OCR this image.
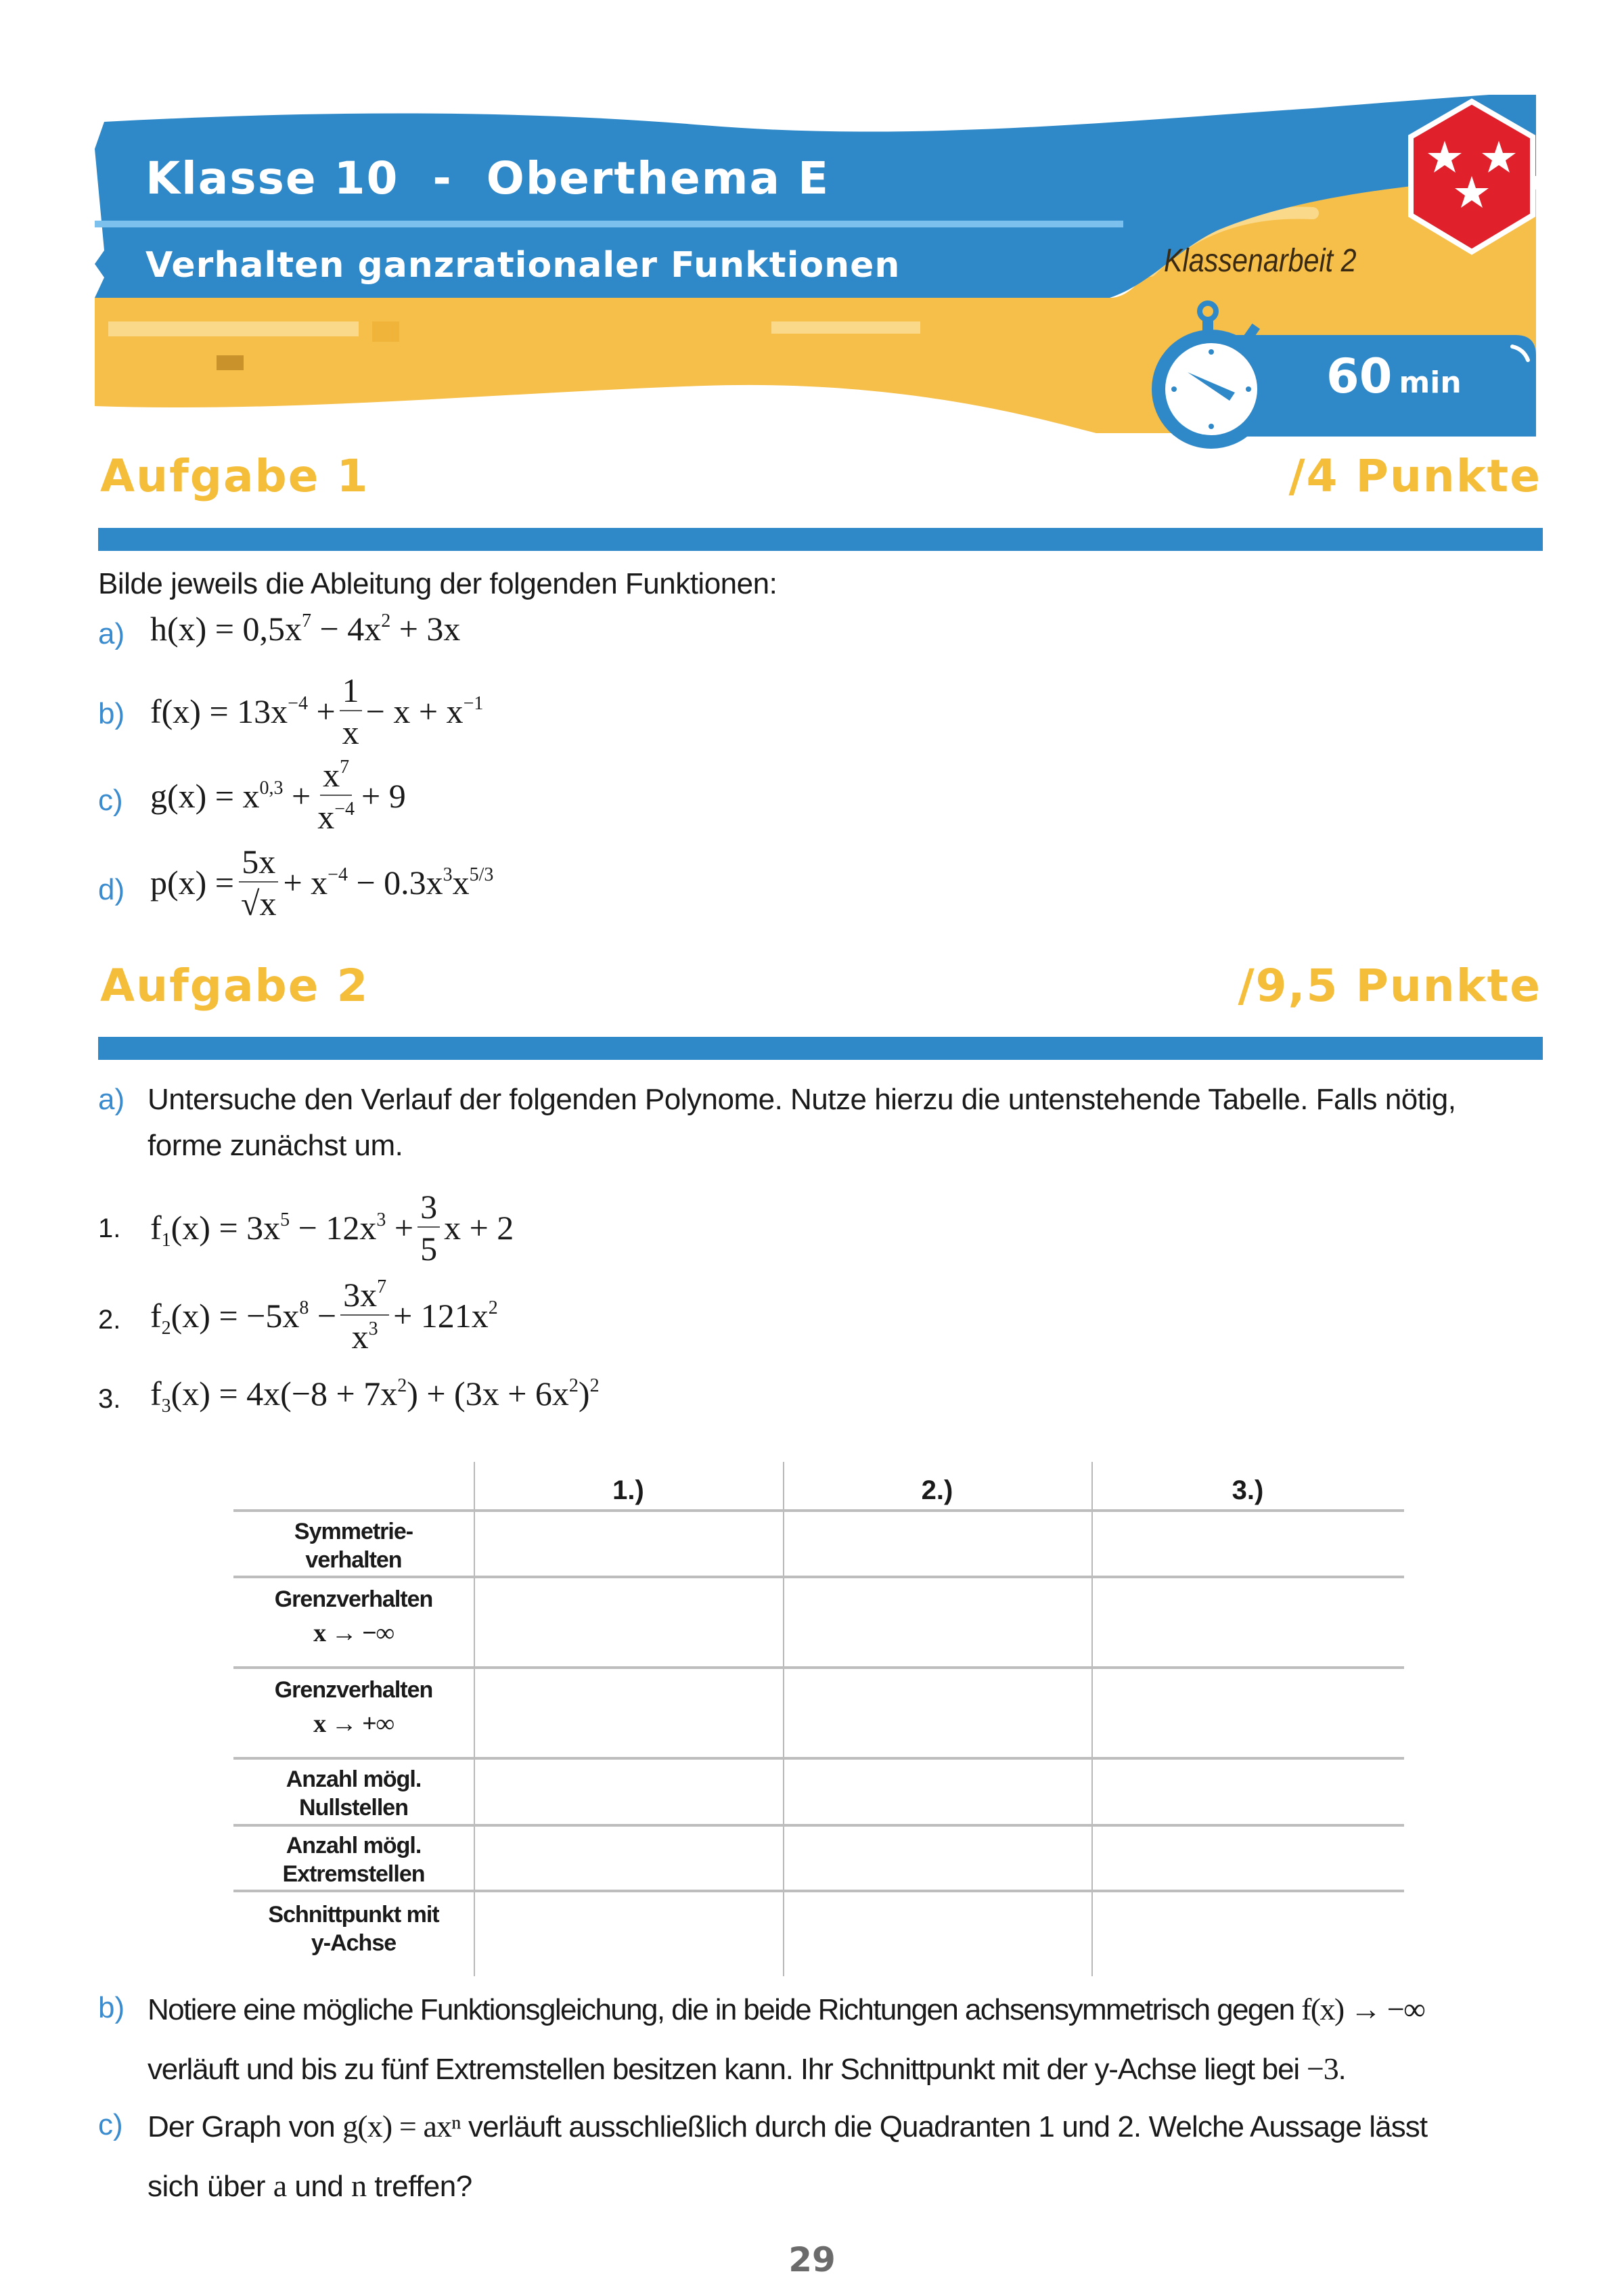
Klasse 10  -  Oberthema E
Verhalten ganzrationaler Funktionen	Klassenarbeit 2
60 min
Aufgabe 1	/4 Punkte
Bilde jeweils die Ableitung der folgenden Funktionen:
a) $h(x) = 0,5x^7 - 4x^2 + 3x$
b) $f(x) = 13x^{-4} + \frac{1}{x} - x + x^{-1}$
c) $g(x) = x^{0,3} + \frac{x^7}{x^{-4}} + 9$
d) $p(x) = \frac{5x}{√x} + x^{-4} - 0.3x^3x^{5/3}$
Aufgabe 2	/9,5 Punkte
a) Untersuche den Verlauf der folgenden Polynome. Nutze hierzu die untenstehende Tabelle. Falls nötig,
forme zunächst um.
1. $f_1(x) = 3x^5 - 12x^3 + \frac{3}{5}$ x + 2
2. $f_2(x) = -5x^8 - \frac{3x^7}{x^3} + 121x^2$
3. $f_3(x) = 4x(-8 + 7x^2) + (3x + 6x^2)^2$
1.)	2.)	3.)
Symmetrie-
verhalten
Grenzverhalten
x → −∞
Grenzverhalten
x → +∞
Anzahl mögl.
Nullstellen
Anzahl mögl.
Extremstellen
Schnittpunkt mit
y-Achse
b) Notiere eine mögliche Funktionsgleichung, die in beide Richtungen achsensymmetrisch gegen f(x) → −∞
verläuft und bis zu fünf Extremstellen besitzen kann. Ihr Schnittpunkt mit der y-Achse liegt bei −3.
c) Der Graph von g(x) = axⁿ verläuft ausschließlich durch die Quadranten 1 und 2. Welche Aussage lässt
sich über a und n treffen?
29
